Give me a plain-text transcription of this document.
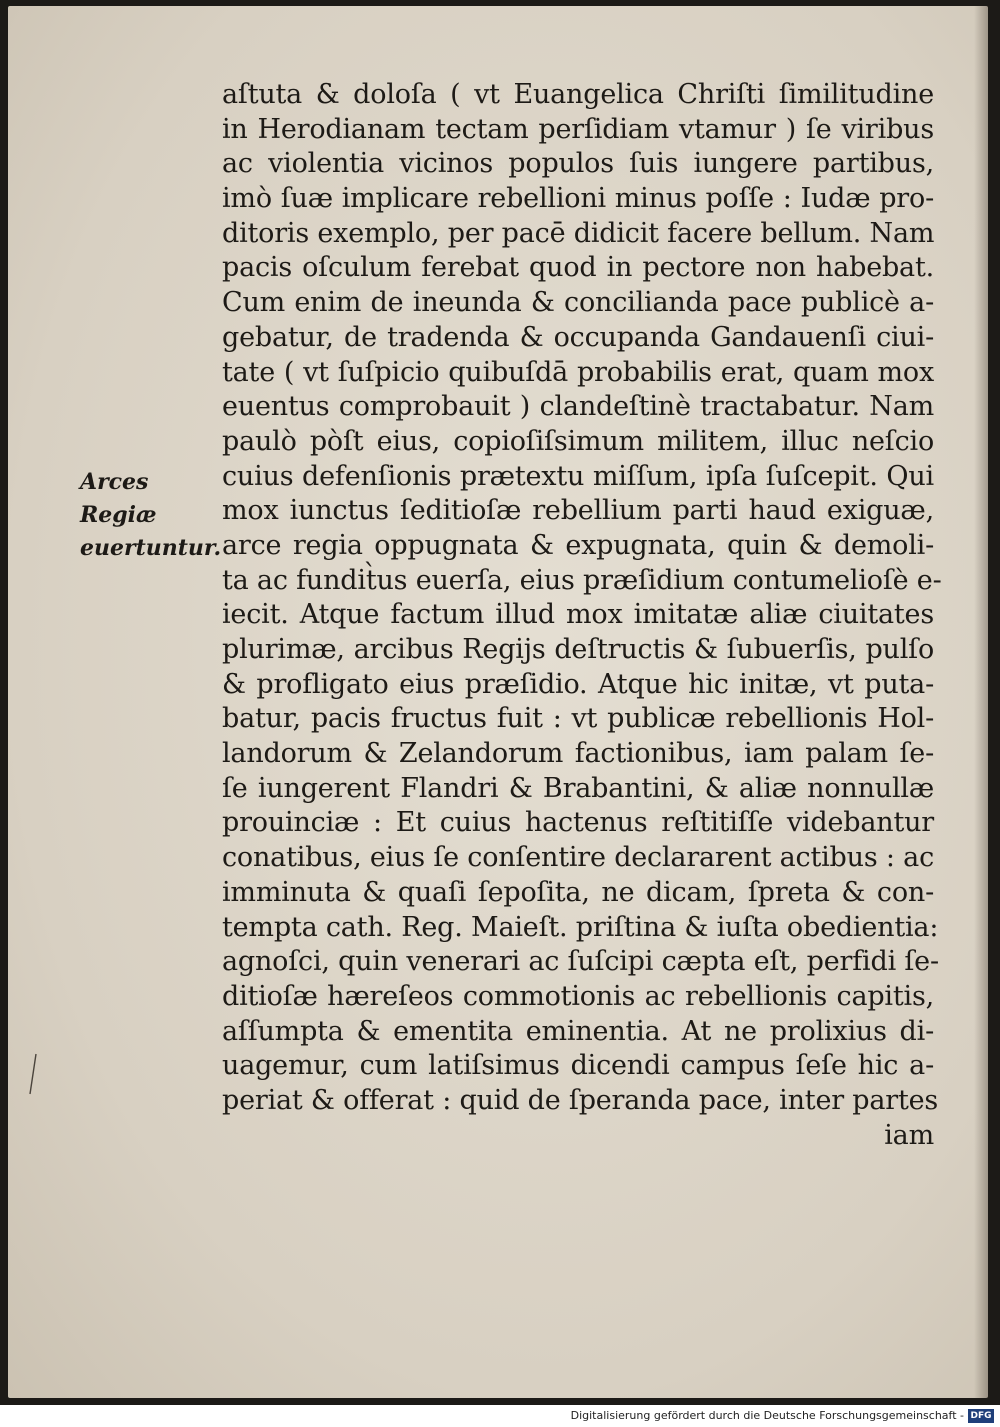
Arces Regiæ
euertuntur.
aſtuta & doloſa ( vt Euangelica Chriſti ſimilitudine
in Herodianam tectam perſidiam vtamur ) ſe viribus
ac violentia vicinos populos ſuis iungere partibus,
imò ſuæ implicare rebellioni minus poſſe : Iudæ pro-
ditoris exemplo, per pacē didicit facere bellum. Nam
pacis oſculum ferebat quod in pectore non habebat.
Cum enim de ineunda & concilianda pace publicè a-
gebatur, de tradenda & occupanda Gandauenſi ciui-
tate ( vt ſuſpicio quibuſdā probabilis erat, quam mox
euentus comprobauit ) clandeſtinè tractabatur. Nam
paulò pòſt eius, copioſiſsimum militem, illuc neſcio
cuius defenſionis prætextu miſſum, ipſa ſuſcepit. Qui
mox iunctus ſeditioſæ rebellium parti haud exiguæ,
arce regia oppugnata & expugnata, quin & demoli-
ta ac fundit̀us euerſa, eius præſidium contumelioſè e-
iecit. Atque factum illud mox imitatæ aliæ ciuitates
plurimæ, arcibus Regijs deſtructis & ſubuerſis, pulſo
& profligato eius præſidio. Atque hic initæ, vt puta-
batur, pacis fructus fuit : vt publicæ rebellionis Hol-
landorum & Zelandorum factionibus, iam palam ſe-
ſe iungerent Flandri & Brabantini, & aliæ nonnullæ
prouinciæ : Et cuius hactenus reſtitiſſe videbantur
conatibus, eius ſe conſentire declararent actibus : ac
imminuta & quaſi ſepoſita, ne dicam, ſpreta & con-
tempta cath. Reg. Maieſt. priſtina & iuſta obedientia:
agnoſci, quin venerari ac ſuſcipi cæpta eſt, perfidi ſe-
ditioſæ hæreſeos commotionis ac rebellionis capitis,
aſſumpta & ementita eminentia. At ne prolixius di-
uagemur, cum latiſsimus dicendi campus ſeſe hic a-
periat & offerat : quid de ſperanda pace, inter partes
iam
Digitalisierung gefördert durch die Deutsche Forschungsgemeinschaft - DFG
